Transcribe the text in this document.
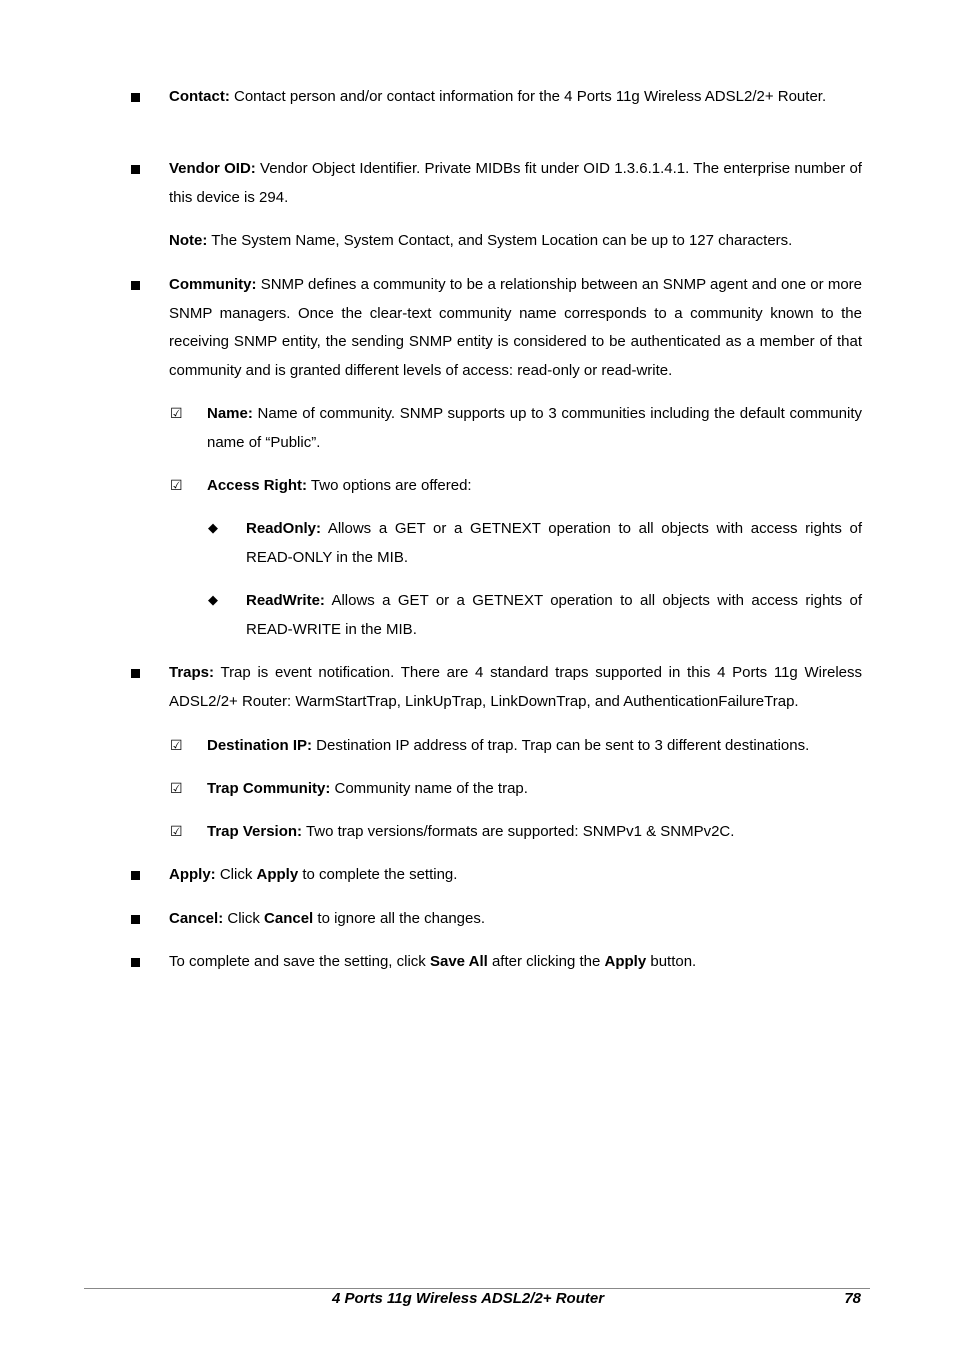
Contact: Contact person and/or contact information for the 4 Ports 11g Wireless ADSL2/2+ Router.

Vendor OID: Vendor Object Identifier. Private MIDBs fit under OID 1.3.6.1.4.1. The enterprise number of this device is 294.

Note: The System Name, System Contact, and System Location can be up to 127 characters.

Community: SNMP defines a community to be a relationship between an SNMP agent and one or more SNMP managers. Once the clear-text community name corresponds to a community known to the receiving SNMP entity, the sending SNMP entity is considered to be authenticated as a member of that community and is granted different levels of access: read-only or read-write.

☑ Name: Name of community. SNMP supports up to 3 communities including the default community name of “Public”.

☑ Access Right: Two options are offered:

◆ ReadOnly: Allows a GET or a GETNEXT operation to all objects with access rights of READ-ONLY in the MIB.

◆ ReadWrite: Allows a GET or a GETNEXT operation to all objects with access rights of READ-WRITE in the MIB.

Traps: Trap is event notification. There are 4 standard traps supported in this 4 Ports 11g Wireless ADSL2/2+ Router: WarmStartTrap, LinkUpTrap, LinkDownTrap, and AuthenticationFailureTrap.

☑ Destination IP: Destination IP address of trap. Trap can be sent to 3 different destinations.

☑ Trap Community: Community name of the trap.

☑ Trap Version: Two trap versions/formats are supported: SNMPv1 & SNMPv2C.

Apply: Click Apply to complete the setting.

Cancel: Click Cancel to ignore all the changes.

To complete and save the setting, click Save All after clicking the Apply button.

4 Ports 11g Wireless ADSL2/2+ Router	78
